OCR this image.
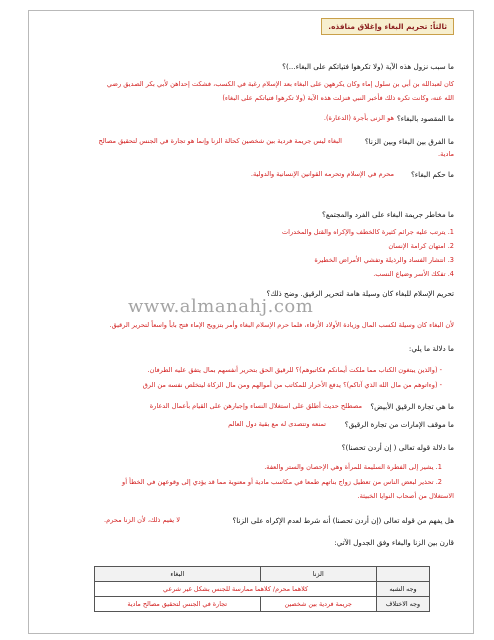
ثالثاً: تحريم البغاء وإغلاق منافذه.
ما سبب نزول هذه الآية (ولا تكرهوا فتياتكم على البغاء...)؟
كان لعبدالله بن أبي بن سلول إماء وكان يكرههن على البغاء بعد الإسلام رغبة في الكسب، فشكت إحداهن لأبي بكر الصديق رضي
الله عنه، وكانت تكره ذلك فأخبر النبي فنزلت هذه الآية (ولا تكرهوا فتياتكم على البغاء)
ما المقصود بالبغاء؟
هو الزنى بأجرة (الدعارة).
ما الفرق بين البغاء وبين الزنا؟
البغاء ليس جريمة فردية بين شخصين كحالة الزنا وإنما هو تجارة في الجنس لتحقيق مصالح
مادية.
ما حكم البغاء؟
محرم في الإسلام وتحرمه القوانين الإنسانية والدولية.
ما مخاطر جريمة البغاء على الفرد والمجتمع؟
1. يترتب عليه جرائم كثيرة كالخطف والإكراه والقتل والمخدرات
2. امتهان كرامة الإنسان
3. انتشار الفساد والرذيلة وتفشي الأمراض الخطيرة
4. تفكك الأسر وضياع النسب.
تحريم الإسلام للبغاء كان وسيلة هامة لتحرير الرقيق. وضح ذلك؟
www.almanahj.com
لأن البغاء كان وسيلة لكسب المال وزيادة الأولاد الأرقاء، فلما حرم الإسلام البغاء وأمر بتزويج الإماء فتح باباً واسعاً لتحرير الرقيق.
ما دلالة ما يلي:
- (والذين يبتغون الكتاب مما ملكت أيمانكم فكاتبوهم)؟ للرقيق الحق بتحرير أنفسهم بمال يتفق عليه الطرفان.
- (وءاتوهم من مال الله الذي آتاكم)؟ يدفع الأحرار للمكاتب من أموالهم ومن مال الزكاة ليتخلص نفسه من الرق
ما هي تجارة الرقيق الأبيض؟
مصطلح حديث أطلق على استغلال النساء وإجبارهن على القيام بأعمال الدعارة
ما موقف الإمارات من تجارة الرقيق؟
تمنعه وتتصدى له مع بقية دول العالم
ما دلالة قوله تعالى ( إن أردن تحصنا)؟
1. يشير إلى الفطرة السليمة للمرأة وهي الإحصان والستر والعفة.
2. تحذير لبعض الناس من تعطيل زواج بناتهم طمعا في مكاسب مادية أو معنوية مما قد يؤدي إلى وقوعهن في الخطأ أو
الاستغلال من أصحاب النوايا الخبيثة.
هل يفهم من قوله تعالى (إن أردن تحصنا) أنه شرط لعدم الإكراه على الزنا؟
لا يفيم ذلك، لأن الزنا محرم.
قارن بين الزنا والبغاء وفق الجدول الآتي:
	الزنا	البغاء
وجه الشبه	كلاهما محرم/ كلاهما ممارسة للجنس بشكل غير شرعي	
وجه الاختلاف	جريمة فردية بين شخصين	تجارة في الجنس لتحقيق مصالح مادية
